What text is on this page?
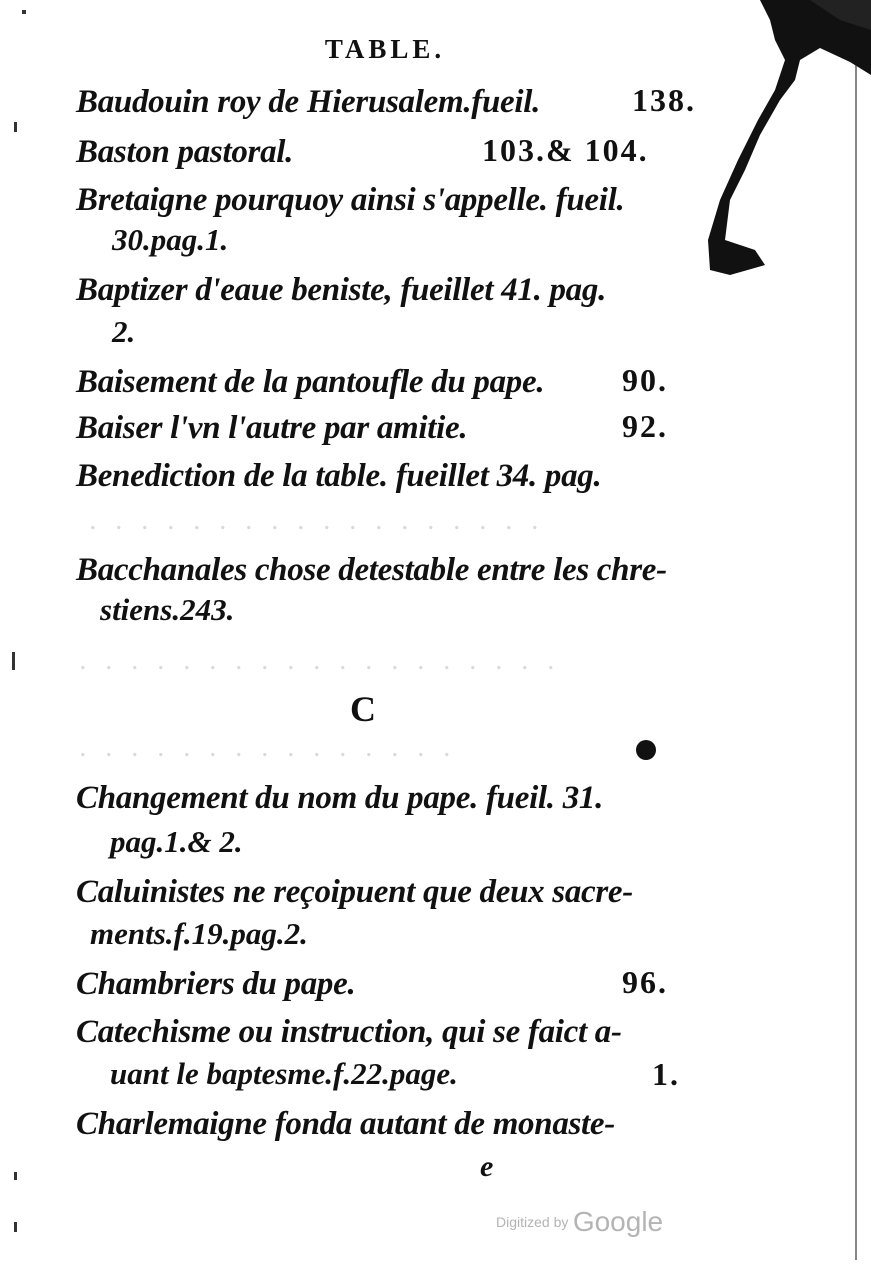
TABLE.
Baudouin roy de Hierusalem.fueil.	138.
Baston pastoral.	103.& 104.
Bretaigne pourquoy ainsi s'appelle. fueil.
30.pag.1.
Baptizer d'eaue beniste, fueillet 41. pag.
2.
Baisement de la pantoufle du pape. 90.
Baiser l'vn l'autre par amitie.	92.
Benediction de la table. fueillet 34. pag.
. . . . . . . . . . . . . . . . . .
Bacchanales chose detestable entre les chre-
stiens.243.
. . . . . . . . . . . . . . . . . . .
C
. . . . . . . . . . . . . . .
Changement du nom du pape. fueil. 31.
pag.1.& 2.
Caluinistes ne reçoipuent que deux sacre-
ments.f.19.pag.2.
Chambriers du pape.	96.
Catechisme ou instruction, qui se faict a-
uant le baptesme.f.22.page.	1.
Charlemaigne fonda autant de monaste-
e
Digitized by Google
